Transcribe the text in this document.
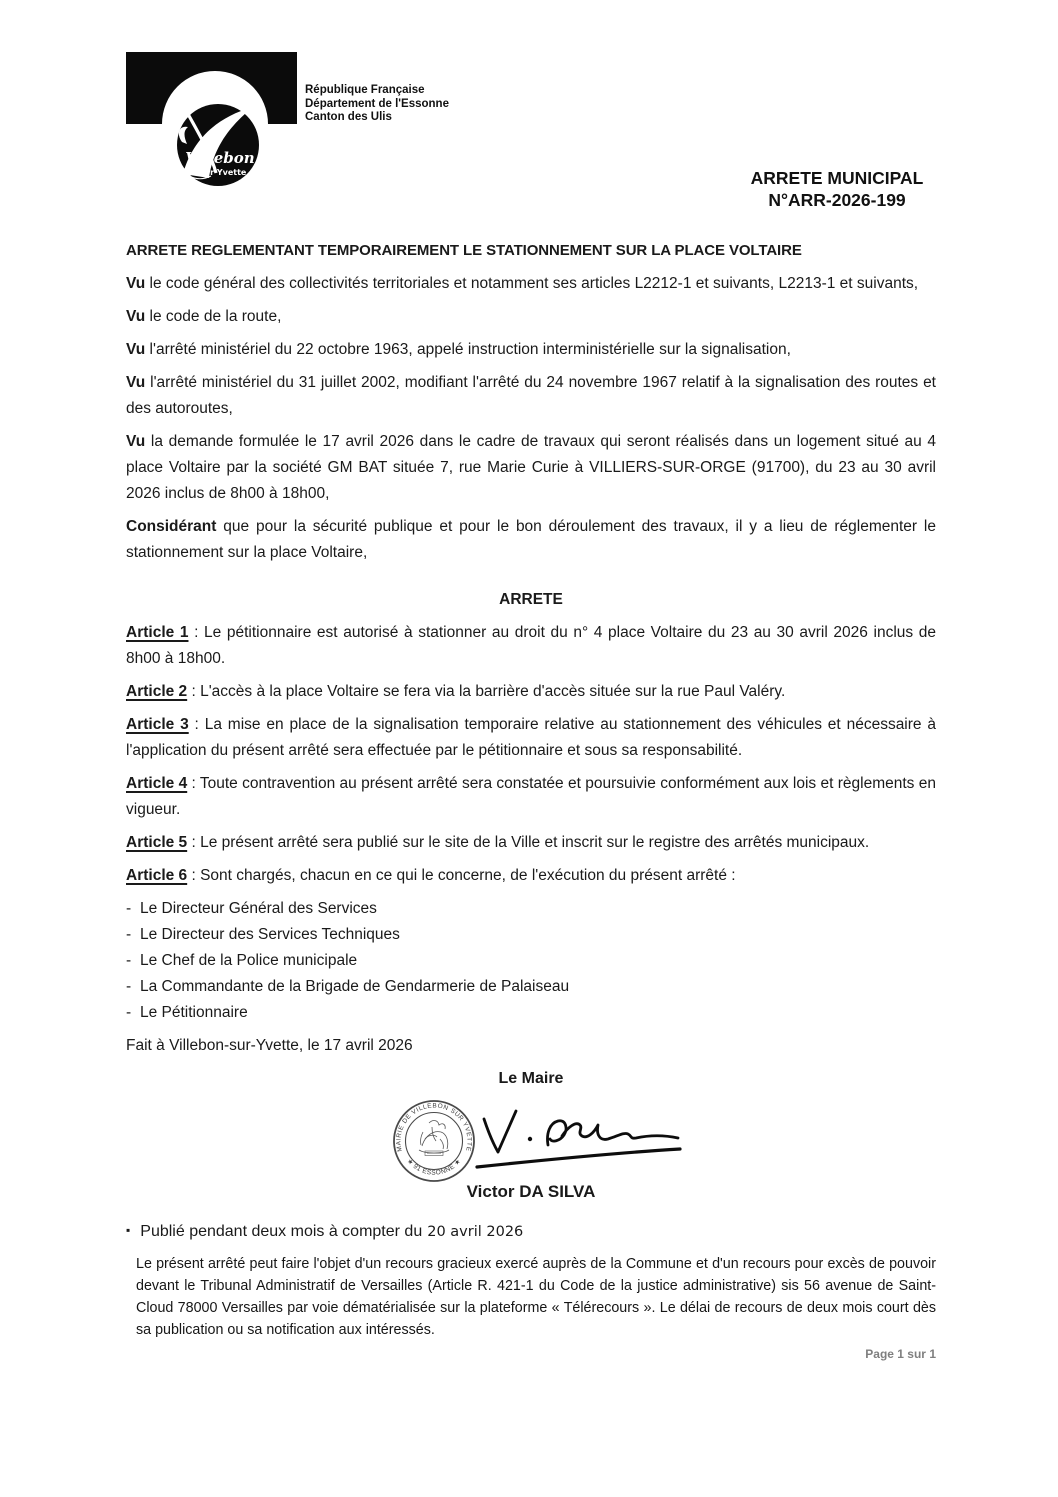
Villebon
sur Yvette
République Française
Département de l'Essonne
Canton des Ulis
ARRETE MUNICIPAL
N°ARR-2026-199

ARRETE REGLEMENTANT TEMPORAIREMENT LE STATIONNEMENT SUR LA PLACE VOLTAIRE

Vu le code général des collectivités territoriales et notamment ses articles L2212-1 et suivants, L2213-1 et suivants,

Vu le code de la route,

Vu l'arrêté ministériel du 22 octobre 1963, appelé instruction interministérielle sur la signalisation,

Vu l'arrêté ministériel du 31 juillet 2002, modifiant l'arrêté du 24 novembre 1967 relatif à la signalisation des routes et des autoroutes,

Vu la demande formulée le 17 avril 2026 dans le cadre de travaux qui seront réalisés dans un logement situé au 4 place Voltaire par la société GM BAT située 7, rue Marie Curie à VILLIERS-SUR-ORGE (91700), du 23 au 30 avril 2026 inclus de 8h00 à 18h00,

Considérant que pour la sécurité publique et pour le bon déroulement des travaux, il y a lieu de réglementer le stationnement sur la place Voltaire,

ARRETE

Article 1 : Le pétitionnaire est autorisé à stationner au droit du n° 4 place Voltaire du 23 au 30 avril 2026 inclus de 8h00 à 18h00.

Article 2 : L'accès à la place Voltaire se fera via la barrière d'accès située sur la rue Paul Valéry.

Article 3 : La mise en place de la signalisation temporaire relative au stationnement des véhicules et nécessaire à l'application du présent arrêté sera effectuée par le pétitionnaire et sous sa responsabilité.

Article 4 : Toute contravention au présent arrêté sera constatée et poursuivie conformément aux lois et règlements en vigueur.

Article 5 : Le présent arrêté sera publié sur le site de la Ville et inscrit sur le registre des arrêtés municipaux.

Article 6 : Sont chargés, chacun en ce qui le concerne, de l'exécution du présent arrêté :

- Le Directeur Général des Services

- Le Directeur des Services Techniques

- Le Chef de la Police municipale

- La Commandante de la Brigade de Gendarmerie de Palaiseau

- Le Pétitionnaire

Fait à Villebon-sur-Yvette, le 17 avril 2026

Le Maire

MAIRIE DE VILLEBON SUR YVETTE
★ 91 ESSONNE ★

Victor DA SILVA

▪ Publié pendant deux mois à compter du 20 avril 2026

Le présent arrêté peut faire l'objet d'un recours gracieux exercé auprès de la Commune et d'un recours pour excès de pouvoir devant le Tribunal Administratif de Versailles (Article R. 421-1 du Code de la justice administrative) sis 56 avenue de Saint-Cloud 78000 Versailles par voie dématérialisée sur la plateforme « Télérecours ». Le délai de recours de deux mois court dès sa publication ou sa notification aux intéressés.

Page 1 sur 1
